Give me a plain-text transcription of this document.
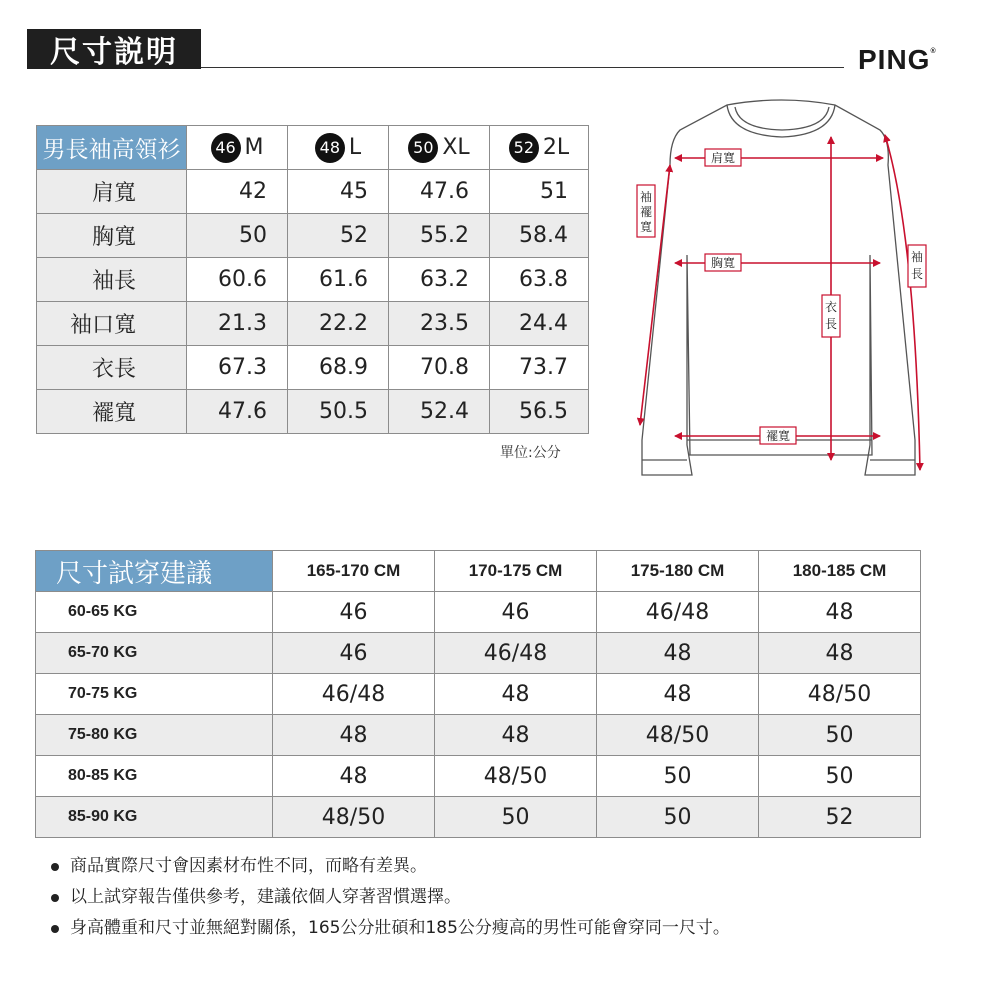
尺寸説明	PING®
男長袖高領衫	46 M	48 L	50 XL	52 2L
肩寬	42	45	47.6	51
胸寬	50	52	55.2	58.4
袖長	60.6	61.6	63.2	63.8
袖口寬	21.3	22.2	23.5	24.4
衣長	67.3	68.9	70.8	73.7
襬寬	47.6	50.5	52.4	56.5
單位:公分
肩寬
胸寬
襬寬
袖
襬
寬
袖
長
衣
長
尺寸試穿建議	165-170 CM	170-175 CM	175-180 CM	180-185 CM
60-65 KG	46	46	46/48	48
65-70 KG	46	46/48	48	48
70-75 KG	46/48	48	48	48/50
75-80 KG	48	48	48/50	50
80-85 KG	48	48/50	50	50
85-90 KG	48/50	50	50	52
商品實際尺寸會因素材布性不同，而略有差異。
以上試穿報告僅供參考，建議依個人穿著習慣選擇。
身高體重和尺寸並無絕對關係，165公分壯碩和185公分瘦高的男性可能會穿同一尺寸。
